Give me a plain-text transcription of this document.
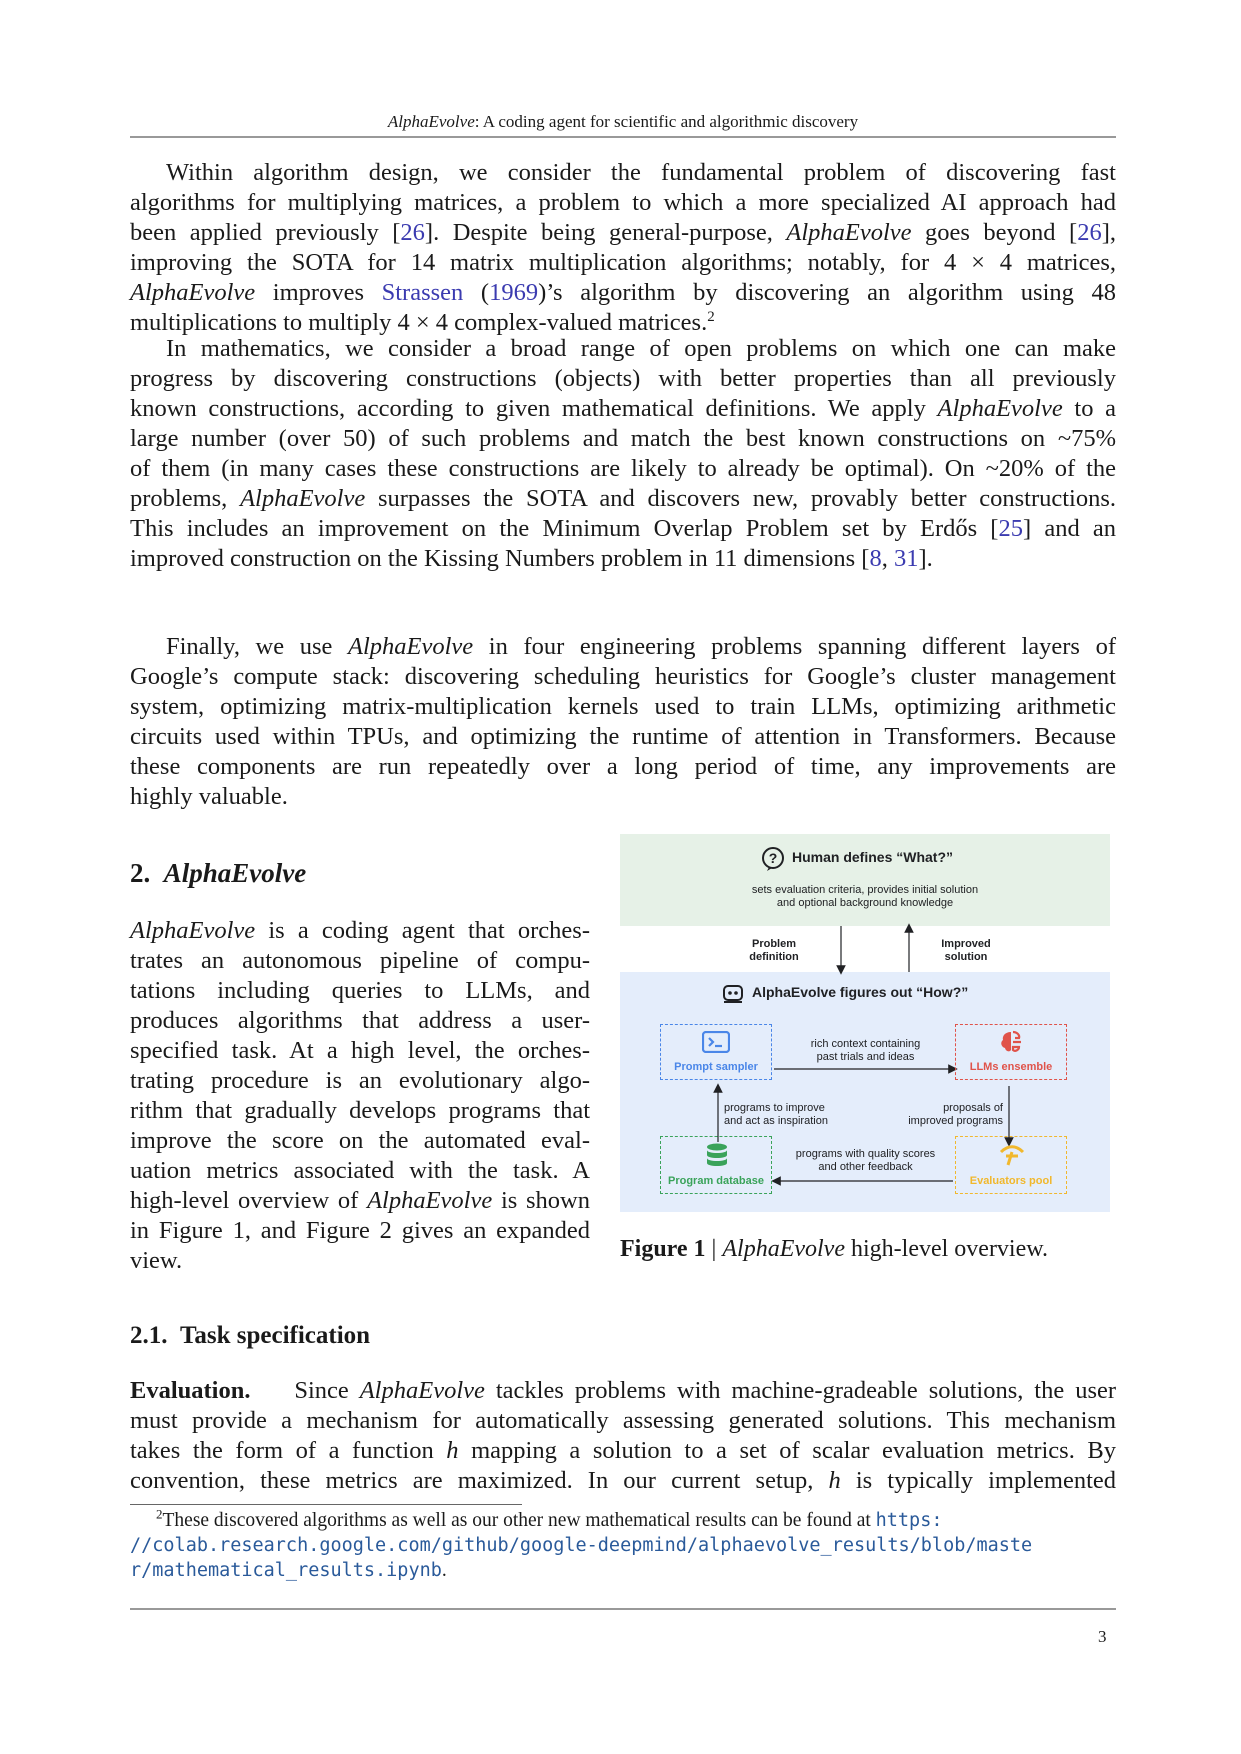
AlphaEvolve: A coding agent for scientific and algorithmic discovery
Within algorithm design, we consider the fundamental problem of discovering fast
algorithms for multiplying matrices, a problem to which a more specialized AI approach had
been applied previously [26]. Despite being general-purpose, AlphaEvolve goes beyond [26],
improving the SOTA for 14 matrix multiplication algorithms; notably, for 4 × 4 matrices,
AlphaEvolve improves Strassen (1969)’s algorithm by discovering an algorithm using 48
multiplications to multiply 4 × 4 complex-valued matrices.$^2$
In mathematics, we consider a broad range of open problems on which one can make
progress by discovering constructions (objects) with better properties than all previously
known constructions, according to given mathematical definitions. We apply AlphaEvolve to a
large number (over 50) of such problems and match the best known constructions on ~75%
of them (in many cases these constructions are likely to already be optimal). On ~20% of the
problems, AlphaEvolve surpasses the SOTA and discovers new, provably better constructions.
This includes an improvement on the Minimum Overlap Problem set by Erdős [25] and an
improved construction on the Kissing Numbers problem in 11 dimensions [8, 31].
Finally, we use AlphaEvolve in four engineering problems spanning different layers of
Google’s compute stack: discovering scheduling heuristics for Google’s cluster management
system, optimizing matrix-multiplication kernels used to train LLMs, optimizing arithmetic
circuits used within TPUs, and optimizing the runtime of attention in Transformers. Because
these components are run repeatedly over a long period of time, any improvements are
highly valuable.
2. AlphaEvolve
AlphaEvolve is a coding agent that orches-
trates an autonomous pipeline of compu-
tations including queries to LLMs, and
produces algorithms that address a user-
specified task. At a high level, the orches-
trating procedure is an evolutionary algo-
rithm that gradually develops programs that
improve the score on the automated eval-
uation metrics associated with the task. A
high-level overview of AlphaEvolve is shown
in Figure 1, and Figure 2 gives an expanded
view.
? Human defines “What?”
sets evaluation criteria, provides initial solution
and optional background knowledge
Problem
definition
Improved
solution
AlphaEvolve figures out “How?”
Prompt sampler	LLMs ensemble
Program database	Evaluators pool
rich context containing
past trials and ideas
programs to improve
and act as inspiration
proposals of
improved programs
programs with quality scores
and other feedback
Figure 1 | AlphaEvolve high-level overview.
2.1. Task specification
Evaluation. Since AlphaEvolve tackles problems with machine-gradeable solutions, the user
must provide a mechanism for automatically assessing generated solutions. This mechanism
takes the form of a function h mapping a solution to a set of scalar evaluation metrics. By
convention, these metrics are maximized. In our current setup, h is typically implemented
$^2$These discovered algorithms as well as our other new mathematical results can be found at https:
//colab.research.google.com/github/google-deepmind/alphaevolve_results/blob/maste
r/mathematical_results.ipynb.
3
